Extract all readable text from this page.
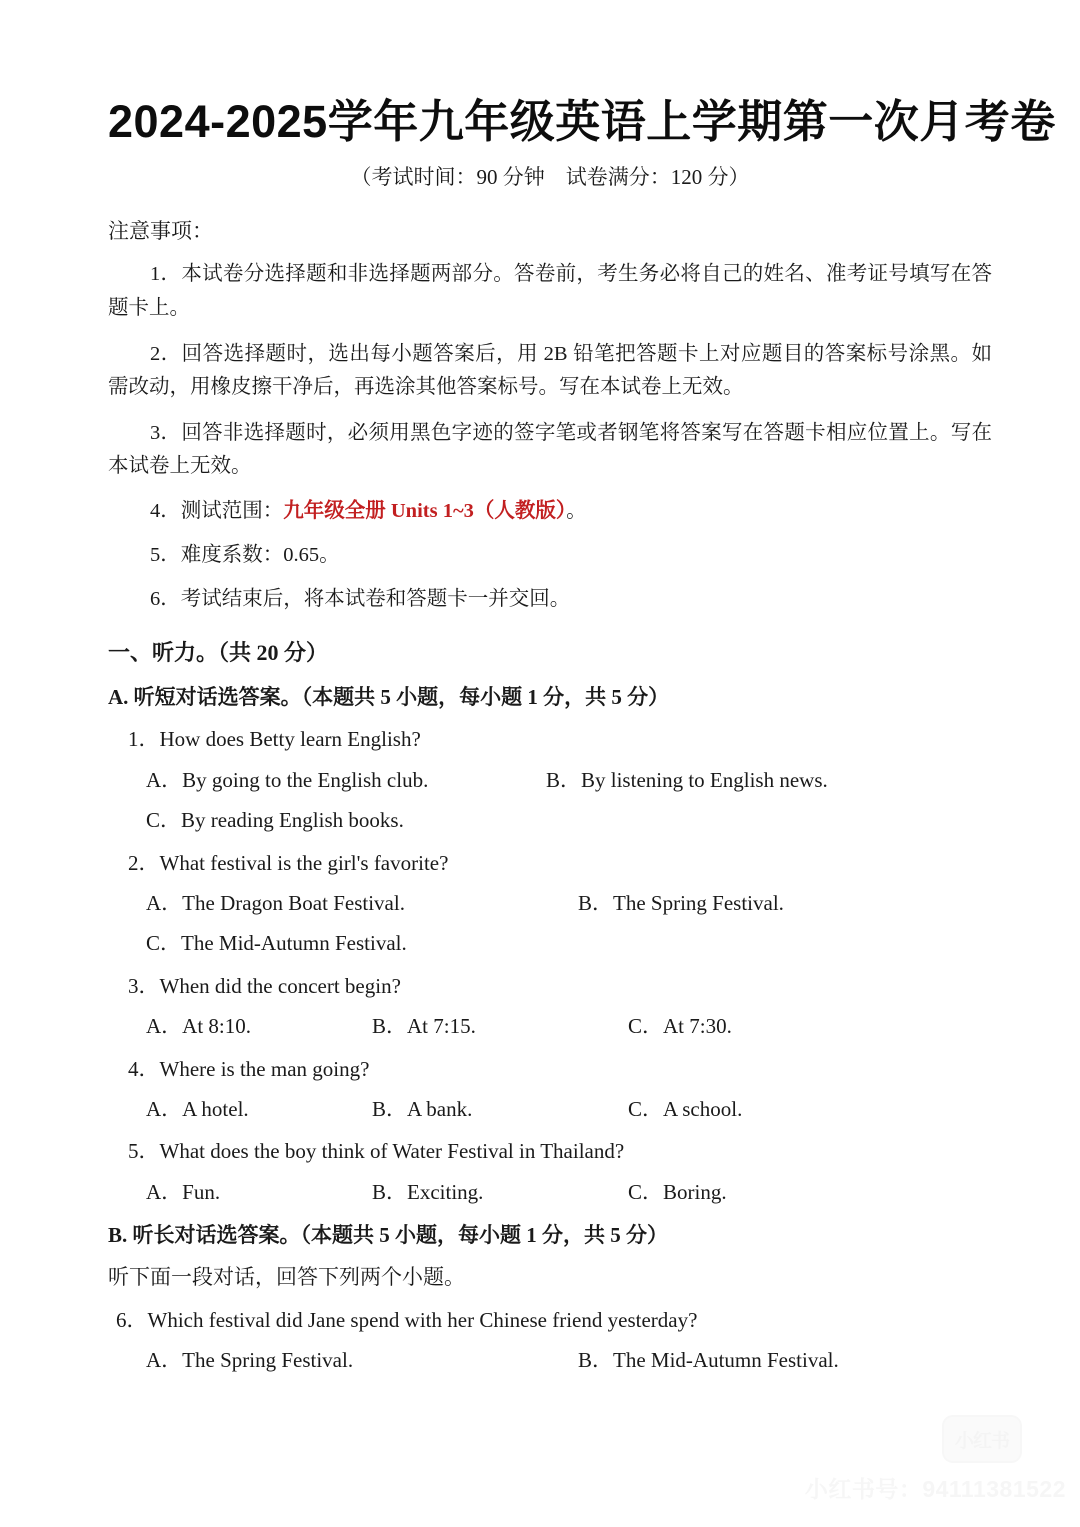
2024-2025学年九年级英语上学期第一次月考卷

（考试时间：90 分钟　试卷满分：120 分）

注意事项：

1．本试卷分选择题和非选择题两部分。答卷前，考生务必将自己的姓名、准考证号填写在答题卡上。

2．回答选择题时，选出每小题答案后，用 2B 铅笔把答题卡上对应题目的答案标号涂黑。如需改动，用橡皮擦干净后，再选涂其他答案标号。写在本试卷上无效。

3．回答非选择题时，必须用黑色字迹的签字笔或者钢笔将答案写在答题卡相应位置上。写在本试卷上无效。

4．测试范围：九年级全册 Units 1~3（人教版）。

5．难度系数：0.65。

6．考试结束后，将本试卷和答题卡一并交回。

一、听力。（共 20 分）
A. 听短对话选答案。（本题共 5 小题，每小题 1 分，共 5 分）

1．How does Betty learn English?

A．By going to the English club.	B．By listening to English news.
C．By reading English books.

2．What festival is the girl's favorite?

A．The Dragon Boat Festival.	B．The Spring Festival.
C．The Mid-Autumn Festival.

3．When did the concert begin?

A．At 8:10.	B．At 7:15.	C．At 7:30.

4．Where is the man going?

A．A hotel.	B．A bank.	C．A school.

5．What does the boy think of Water Festival in Thailand?

A．Fun.	B．Exciting.	C．Boring.
B. 听长对话选答案。（本题共 5 小题，每小题 1 分，共 5 分）

听下面一段对话，回答下列两个小题。

6．Which festival did Jane spend with her Chinese friend yesterday?

A．The Spring Festival.	B．The Mid-Autumn Festival.
小红书
小红书号：94111381522
